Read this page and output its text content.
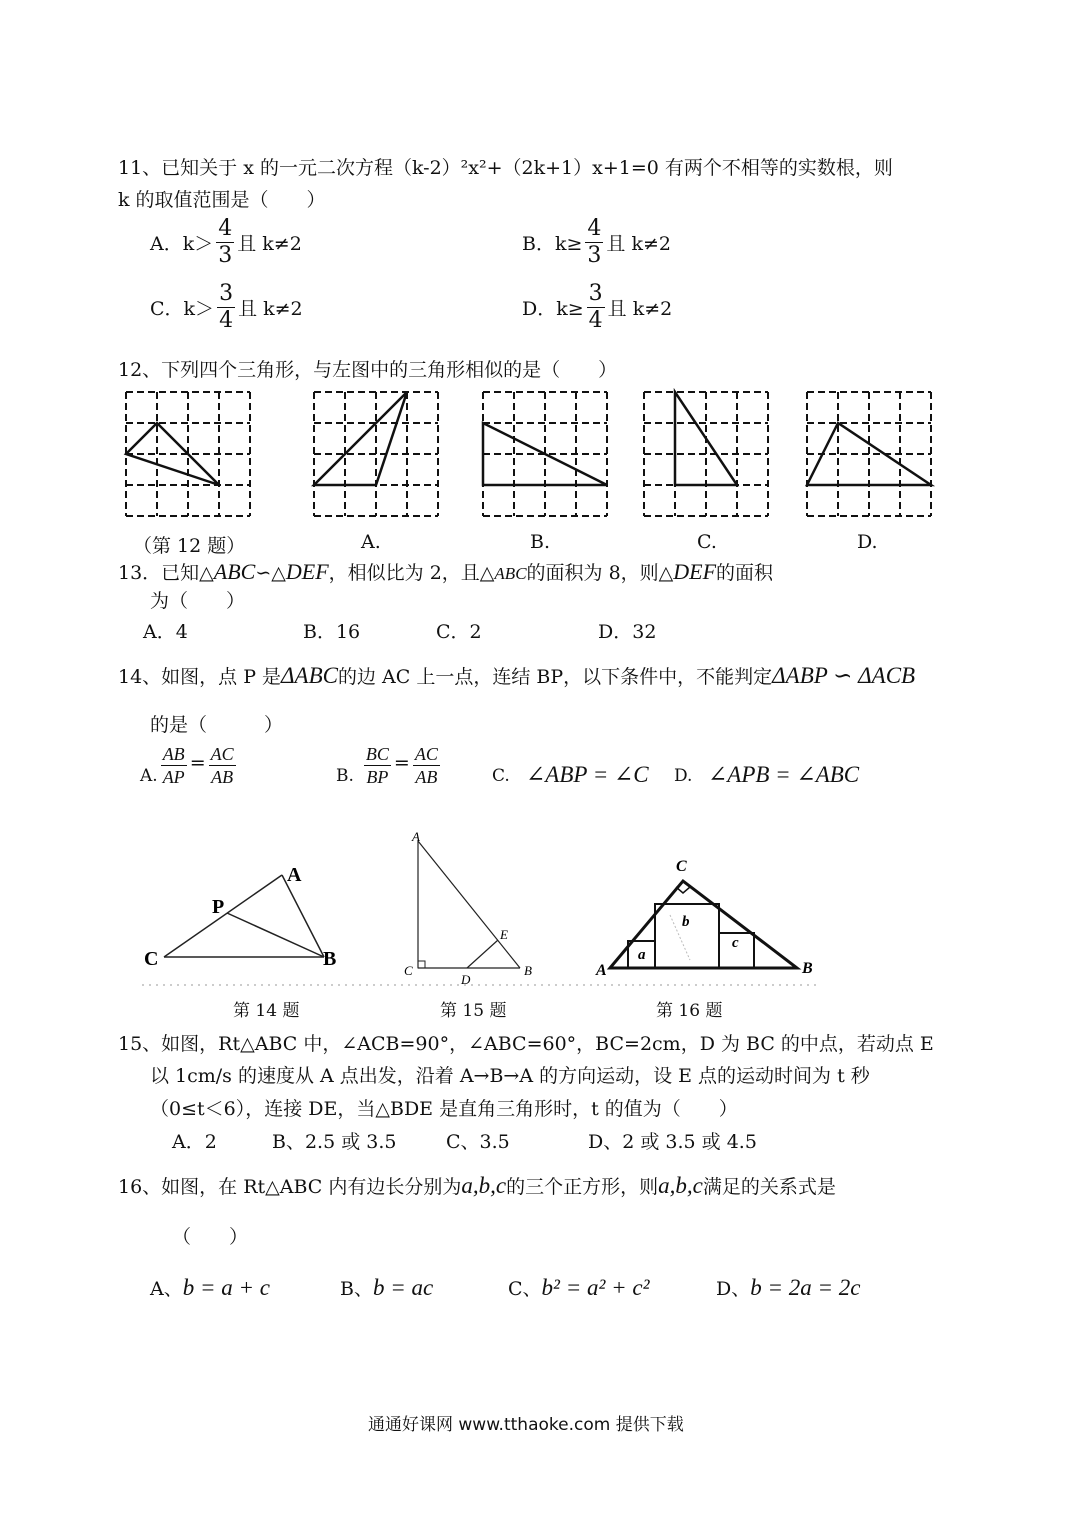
11、已知关于 x 的一元二次方程（k-2）²x²+（2k+1）x+1=0 有两个不相等的实数根，则
k 的取值范围是（　　）
A．$k> \frac{4}{3}$ 且 k≠2	B．$k\ge \frac{4}{3}$ 且 k≠2
C．$k> \frac{3}{4}$ 且 k≠2	D．$k\ge \frac{3}{4}$ 且 k≠2
12、下列四个三角形，与左图中的三角形相似的是（　　）
（第 12 题）	A.	B.	C.	D.
13．已知△ABC∽△DEF，相似比为 2，且△ABC的面积为 8，则△DEF的面积
为（　　）
A．4	B．16	C．2	D．32
14、如图，点 P 是ΔABC的边 AC 上一点，连结 BP，以下条件中，不能判定ΔABP ∽ ΔACB
的是（　　　）
A. $\frac{AB}{AP} = \frac{AC}{AB}$	B. $\frac{BC}{BP} = \frac{AC}{AB}$	C. ∠ABP = ∠C D. ∠APB = ∠ABC
A
P
C	B
A
E
C
D
B
C
b
a
c
A	B
第 14 题	第 15 题	第 16 题
15、如图，Rt△ABC 中，∠ACB=90°，∠ABC=60°，BC=2cm，D 为 BC 的中点，若动点 E
以 1cm/s 的速度从 A 点出发，沿着 A→B→A 的方向运动，设 E 点的运动时间为 t 秒
（0≤t＜6），连接 DE，当△BDE 是直角三角形时，t 的值为（　　）
A．2	B、2.5 或 3.5	C、3.5	D、2 或 3.5 或 4.5
16、如图，在 Rt△ABC 内有边长分别为a,b,c的三个正方形，则a,b,c满足的关系式是
（　　）
A、b = a + c	B、b = ac	C、b² = a² + c²	D、b = 2a = 2c
通通好课网 www.tthaoke.com 提供下载
